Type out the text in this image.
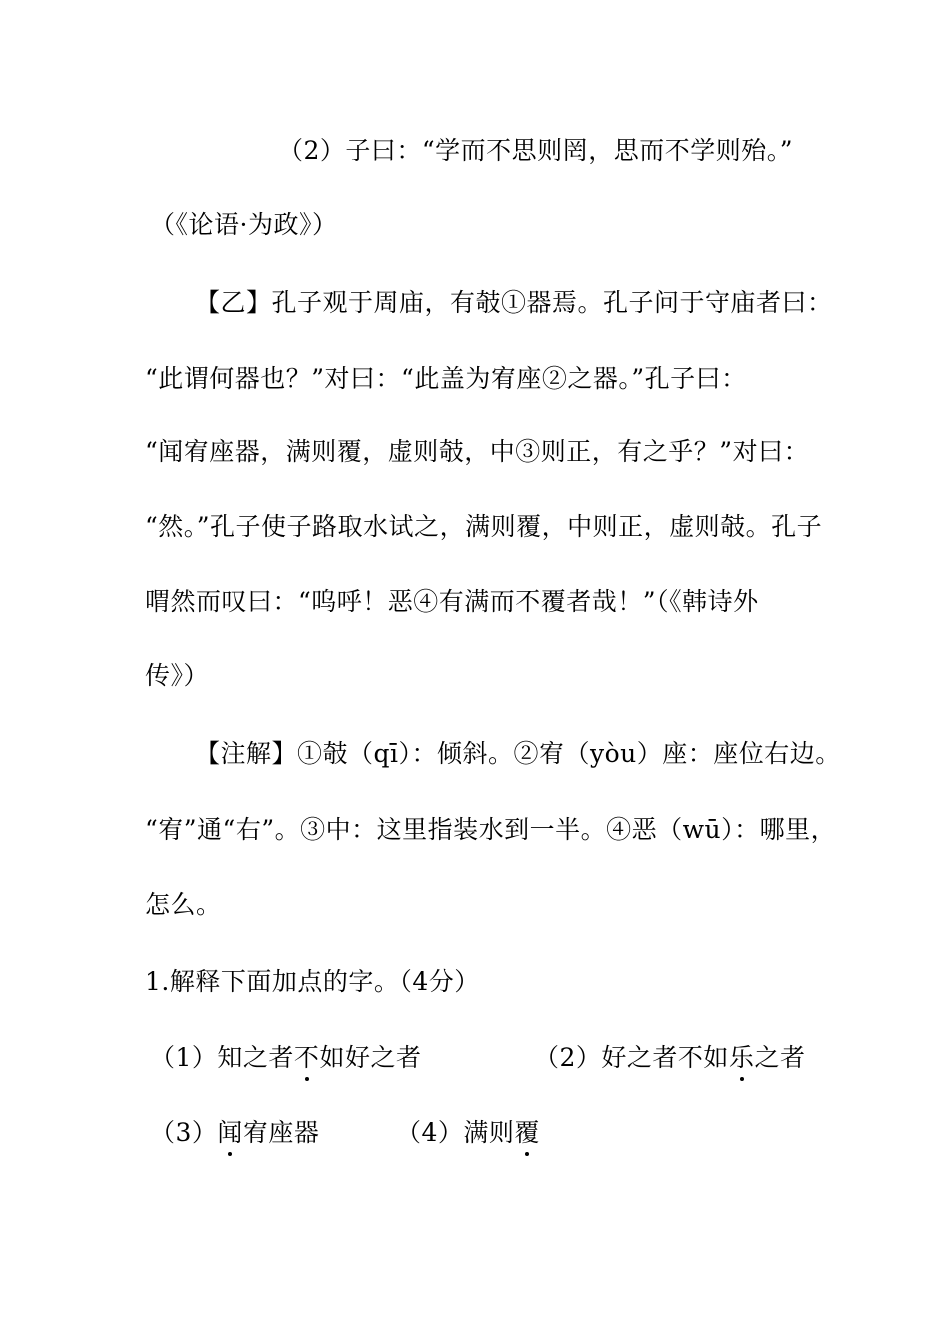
（2）子曰：“学而不思则罔，思而不学则殆。”
（《论语·为政》）
【乙】孔子观于周庙，有攲①器焉。孔子问于守庙者曰：
“此谓何器也？”对曰：“此盖为宥座②之器。”孔子曰：
“闻宥座器，满则覆，虚则攲，中③则正，有之乎？”对曰：
“然。”孔子使子路取水试之，满则覆，中则正，虚则攲。孔子
喟然而叹曰：“呜呼！恶④有满而不覆者哉！”（《韩诗外
传》）
【注解】①攲（qī）：倾斜。②宥（yòu）座：座位右边。
“宥”通“右”。③中：这里指装水到一半。④恶（wū）：哪里，
怎么。
1.解释下面加点的字。（4分）
（1）知之者不如好之者	（2）好之者不如乐之者
（3）闻宥座器	（4）满则覆
